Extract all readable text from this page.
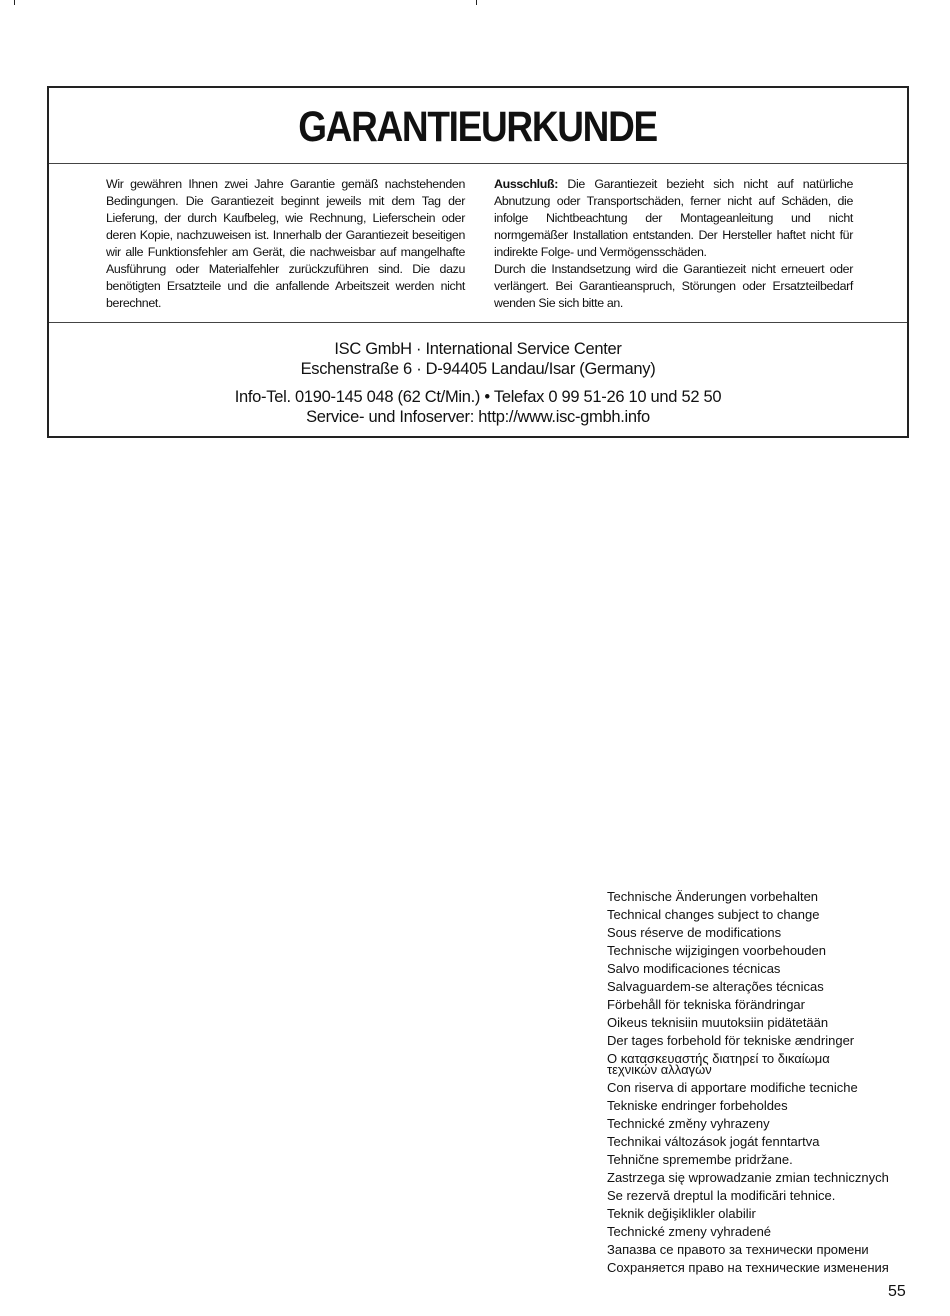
GARANTIEURKUNDE

Wir gewähren Ihnen zwei Jahre Garantie gemäß nachstehenden Bedingungen. Die Garantiezeit beginnt jeweils mit dem Tag der Lieferung, der durch Kaufbeleg, wie Rechnung, Lieferschein oder deren Kopie, nachzuweisen ist. Innerhalb der Garantiezeit beseitigen wir alle Funktionsfehler am Gerät, die nachweisbar auf mangelhafte Ausführung oder Materialfehler zurückzuführen sind. Die dazu benötigten Ersatzteile und die anfallende Arbeitszeit werden nicht berechnet.

Ausschluß: Die Garantiezeit bezieht sich nicht auf natürliche Abnutzung oder Transportschäden, ferner nicht auf Schäden, die infolge Nichtbeachtung der Montageanleitung und nicht normgemäßer Installation entstanden. Der Hersteller haftet nicht für indirekte Folge- und Vermögensschäden.

Durch die Instandsetzung wird die Garantiezeit nicht erneuert oder verlängert. Bei Garantieanspruch, Störungen oder Ersatzteilbedarf wenden Sie sich bitte an.

ISC GmbH · International Service Center
Eschenstraße 6 · D-94405 Landau/Isar (Germany)
Info-Tel. 0190-145 048 (62 Ct/Min.) • Telefax 0 99 51-26 10 und 52 50
Service- und Infoserver: http://www.isc-gmbh.info
Technische Änderungen vorbehalten
Technical changes subject to change
Sous réserve de modifications
Technische wijzigingen voorbehouden
Salvo modificaciones técnicas
Salvaguardem-se alterações técnicas
Förbehåll för tekniska förändringar
Oikeus teknisiin muutoksiin pidätetään
Der tages forbehold för tekniske ændringer
Ο κατασκευαστής διατηρεί το δικαίωμα
τεχνικών αλλαγών
Con riserva di apportare modifiche tecniche
Tekniske endringer forbeholdes
Technické změny vyhrazeny
Technikai változások jogát fenntartva
Tehnične spremembe pridržane.
Zastrzega się wprowadzanie zmian technicznych
Se rezervă dreptul la modificări tehnice.
Teknik değişiklikler olabilir
Technické zmeny vyhradené
Запазва се правото за технически промени
Сохраняется право на технические изменения
55
